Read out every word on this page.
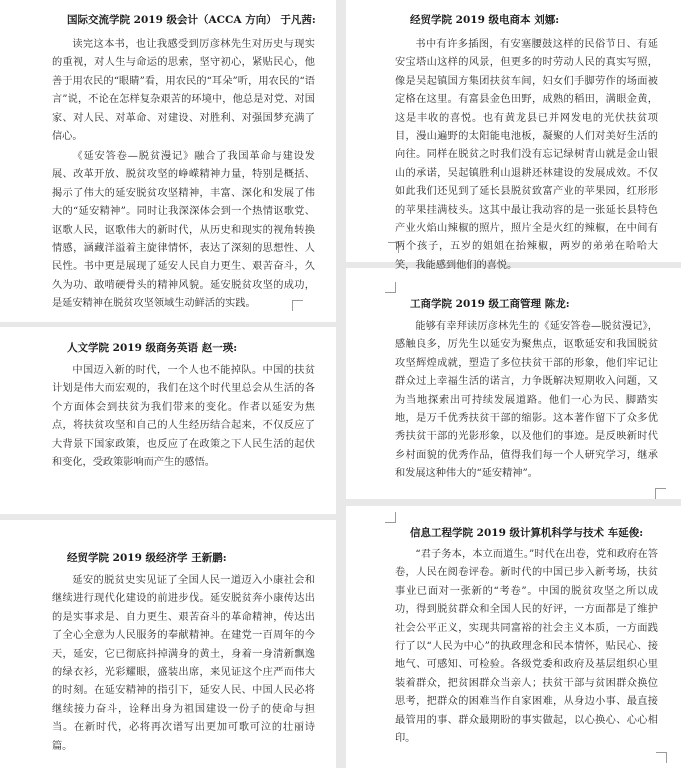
国际交流学院 2019 级会计（ACCA 方向） 于凡茜:

读完这本书，也让我感受到厉彦林先生对历史与现实的重视，对人生与命运的思索，坚守初心，紧贴民心，他善于用农民的“眼睛”看，用农民的“耳朵”听，用农民的“语言”说，不论在怎样复杂艰苦的环境中，他总是对党、对国家、对人民、对革命、对建设、对胜利、对强国梦充满了信心。

《延安答卷—脱贫漫记》融合了我国革命与建设发展、改革开放、脱贫攻坚的峥嵘精神力量，特别是概括、揭示了伟大的延安脱贫攻坚精神，丰富、深化和发展了伟大的“延安精神”。同时让我深深体会到一个热情讴歌党、讴歌人民，讴歌伟大的新时代，从历史和现实的视角转换情感，涵藏洋溢着主旋律情怀，表达了深刻的思想性、人民性。书中更是展现了延安人民自力更生、艰苦奋斗，久久为功、敢啃硬骨头的精神风貌。延安脱贫攻坚的成功，是延安精神在脱贫攻坚领域生动鲜活的实践。

人文学院 2019 级商务英语 赵一瑛:

中国迈入新的时代，一个人也不能掉队。中国的扶贫计划是伟大而宏观的，我们在这个时代里总会从生活的各个方面体会到扶贫为我们带来的变化。作者以延安为焦点，将扶贫攻坚和自己的人生经历结合起来，不仅反应了大背景下国家政策，也反应了在政策之下人民生活的起伏和变化，受政策影响而产生的感悟。

经贸学院 2019 级经济学 王新鹏:

延安的脱贫史实见证了全国人民一道迈入小康社会和继续进行现代化建设的前进步伐。延安脱贫奔小康传达出的是实事求是、自力更生、艰苦奋斗的革命精神，传达出了全心全意为人民服务的奉献精神。在建党一百周年的今天，延安，它已彻底抖掉满身的黄土，身着一身清新飘逸的绿衣衫，光彩耀眼，盛装出席，来见证这个庄严而伟大的时刻。在延安精神的指引下，延安人民、中国人民必将继续接力奋斗，诠释出身为祖国建设一份子的使命与担当。在新时代，必将再次谱写出更加可歌可泣的壮丽诗篇。

经贸学院 2019 级电商本 刘娜:

书中有许多插图，有安塞腰鼓这样的民俗节日、有延安宝塔山这样的风景，但更多的时劳动人民的真实写照，像是吴起镇国方集团扶贫车间，妇女们手脚劳作的场面被定格在这里。有富县金色田野，成熟的稻田，满眼金黄，这是丰收的喜悦。也有黄龙县已并网发电的光伏扶贫项目，漫山遍野的太阳能电池板，凝聚的人们对美好生活的向往。同样在脱贫之时我们没有忘记绿树青山就是金山银山的承诺，吴起镇胜利山退耕还林建设的发展成效。不仅如此我们还见到了延长县脱贫致富产业的苹果园，红形形的苹果挂满枝头。这其中最让我动容的是一张延长县特色产业火焰山辣椒的照片，照片全是火红的辣椒，在中间有两个孩子，五岁的姐姐在抬辣椒，两岁的弟弟在哈哈大笑，我能感到他们的喜悦。

工商学院 2019 级工商管理 陈龙:

能够有幸拜读厉彦林先生的《延安答卷—脱贫漫记》，感触良多，厉先生以延安为聚焦点，讴歌延安和我国脱贫攻坚辉煌成就，塑造了多位扶贫干部的形象，他们牢记让群众过上幸福生活的诺言，力争既解决短期收入问题，又为当地探索出可持续发展道路。他们一心为民、脚踏实地，是万千优秀扶贫干部的缩影。这本著作留下了众多优秀扶贫干部的光影形象，以及他们的事迹。是反映新时代乡村面貌的优秀作品，值得我们每一个人研究学习，继承和发展这种伟大的“延安精神”。

信息工程学院 2019 级计算机科学与技术 车延俊:

“君子务本，本立而道生。”时代在出卷，党和政府在答卷，人民在阅卷评卷。新时代的中国已步入新考场，扶贫事业已面对一张新的“考卷”。中国的脱贫攻坚之所以成功，得到脱贫群众和全国人民的好评，一方面都是了维护社会公平正义，实现共同富裕的社会主义本质，一方面践行了以“人民为中心”的执政理念和民本情怀，贴民心、接地气、可感知、可检验。各级党委和政府及基层组织心里装着群众，把贫困群众当亲人；扶贫干部与贫困群众换位思考，把群众的困难当作自家困难，从身边小事、最直接最管用的事、群众最期盼的事实做起，以心换心、心心相印。
